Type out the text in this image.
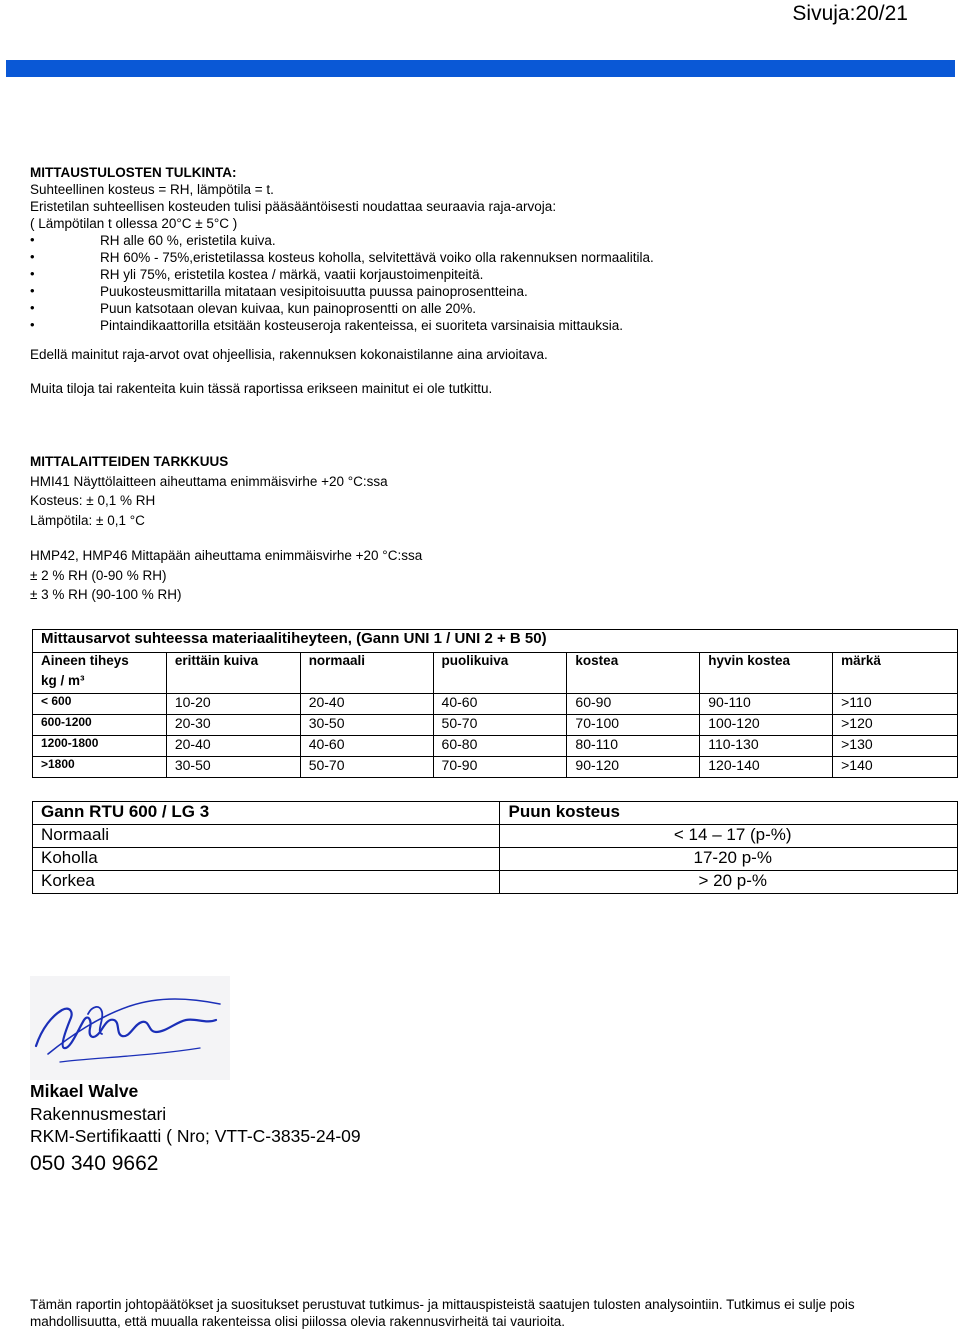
Sivuja:20/21
MITTAUSTULOSTEN TULKINTA:
Suhteellinen kosteus = RH, lämpötila = t.
Eristetilan suhteellisen kosteuden tulisi pääsääntöisesti noudattaa seuraavia raja-arvoja:
( Lämpötilan t ollessa 20°C ± 5°C )
•	RH alle 60 %, eristetila kuiva.
•	RH 60% - 75%,eristetilassa kosteus koholla, selvitettävä voiko olla rakennuksen normaalitila.
•	RH yli 75%, eristetila kostea / märkä, vaatii korjaustoimenpiteitä.
•	Puukosteusmittarilla mitataan vesipitoisuutta puussa painoprosentteina.
•	Puun katsotaan olevan kuivaa, kun painoprosentti on alle 20%.
•	Pintaindikaattorilla etsitään kosteuseroja rakenteissa, ei suoriteta varsinaisia mittauksia.
Edellä mainitut raja-arvot ovat ohjeellisia, rakennuksen kokonaistilanne aina arvioitava.
Muita tiloja tai rakenteita kuin tässä raportissa erikseen mainitut ei ole tutkittu.
MITTALAITTEIDEN TARKKUUS
HMI41 Näyttölaitteen aiheuttama enimmäisvirhe +20 °C:ssa
Kosteus: ± 0,1 % RH
Lämpötila: ± 0,1 °C
HMP42, HMP46 Mittapään aiheuttama enimmäisvirhe +20 °C:ssa
± 2 % RH (0-90 % RH)
± 3 % RH (90-100 % RH)
Mittausarvot suhteessa materiaalitiheyteen, (Gann UNI 1 / UNI 2 + B 50)						
Aineen tiheys	erittäin kuiva	normaali	puolikuiva	kostea	hyvin kostea	märkä
kg / m³						
< 600	10-20	20-40	40-60	60-90	90-110	>110
600-1200	20-30	30-50	50-70	70-100	100-120	>120
1200-1800	20-40	40-60	60-80	80-110	110-130	>130
>1800	30-50	50-70	70-90	90-120	120-140	>140
Gann RTU 600 / LG 3	Puun kosteus
Normaali	< 14 – 17 (p-%)
Koholla	17-20 p-%
Korkea	> 20 p-%
Mikael Walve
Rakennusmestari
RKM-Sertifikaatti ( Nro; VTT-C-3835-24-09
050 340 9662
Tämän raportin johtopäätökset ja suositukset perustuvat tutkimus- ja mittauspisteistä saatujen tulosten analysointiin. Tutkimus ei sulje pois mahdollisuutta, että muualla rakenteissa olisi piilossa olevia rakennusvirheitä tai vaurioita.
